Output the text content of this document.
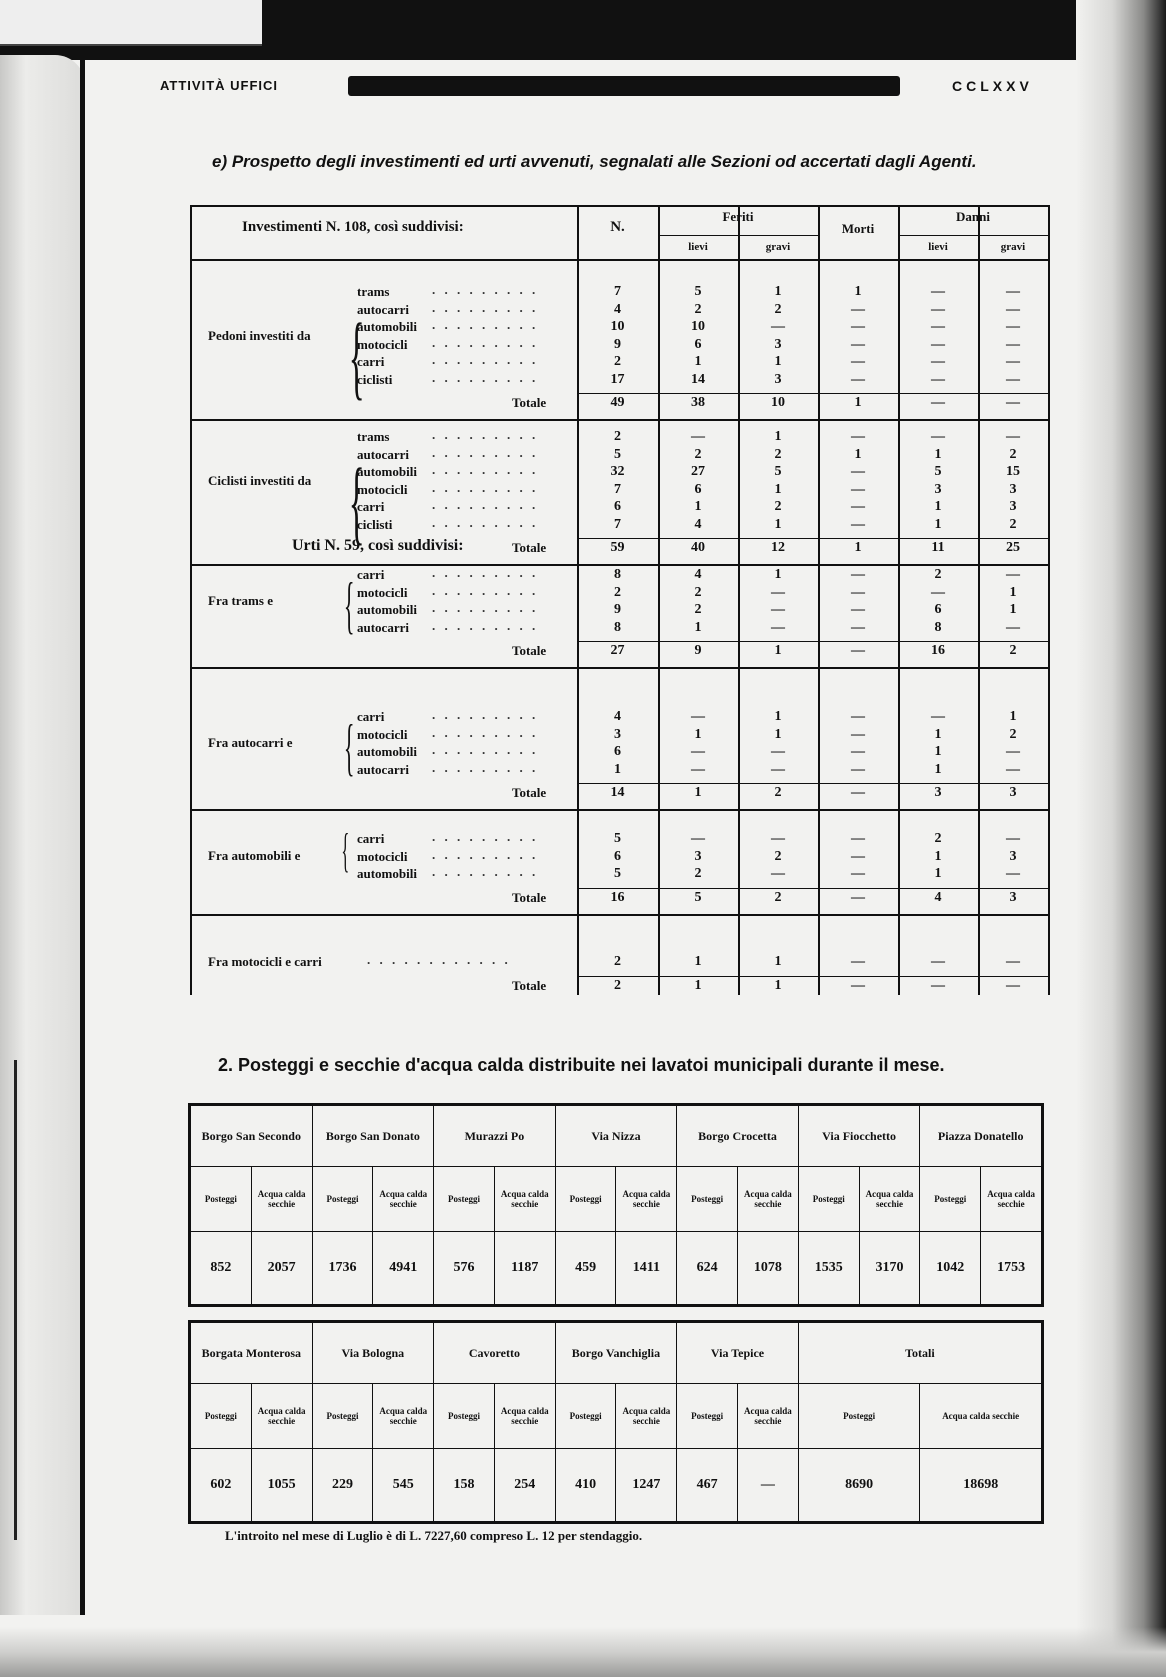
ATTIVITÀ UFFICI	CCLXXV
e) Prospetto degli investimenti ed urti avvenuti, segnalati alle Sezioni od accertati dagli Agenti.
Investimenti N. 108, così suddivisi:	N.
Feriti
Morti
Danni
lievi	gravi	lievi	gravi
Pedoni investiti da {
trams	. . . . . . . . .	7	5	1	1	—	—
autocarri . . . . . . . . .	4	2	2	—	—	—
automobili . . . . . . . . .	10	10	—	—	—	—
motocicli . . . . . . . . .	9	6	3	—	—	—
carri	. . . . . . . . .	2	1	1	—	—	—
ciclisti	. . . . . . . . .	17	14	3	—	—	—
Totale	49	38	10	1	—	—
Ciclisti investiti da {
trams	. . . . . . . . .	2	—	1	—	—	—
autocarri . . . . . . . . .	5	2	2	1	1	2
automobili . . . . . . . . .	32	27	5	—	5	15
motocicli . . . . . . . . .	7	6	1	—	3	3
carri	. . . . . . . . .	6	1	2	—	1	3
ciclisti	. . . . . . . . .	7	4	1	—	1	2
Totale	59	40	12	1	11	25
Urti N. 59, così suddivisi:
Fra trams e { carri	. . . . . . . . .	8	4	1	—	2	—
motocicli . . . . . . . . .	2	2	—	—	—	1
automobili . . . . . . . . .	9	2	—	—	6	1
autocarri . . . . . . . . .	8	1	—	—	8	—
Totale	27	9	1	—	16	2
Fra autocarri e { carri	. . . . . . . . .	4	—	1	—	—	1
motocicli . . . . . . . . .	3	1	1	—	1	2
automobili . . . . . . . . .	6	—	—	—	1	—
autocarri . . . . . . . . .	1	—	—	—	1	—
Totale	14	1	2	—	3	3
Fra automobili e { carri	. . . . . . . . .	5	—	—	—	2	—
motocicli . . . . . . . . .	6	3	2	—	1	3
automobili . . . . . . . . .	5	2	—	—	1	—
Totale	16	5	2	—	4	3
Fra motocicli e carri	. . . . . . . . . . . .	2	1	1	—	—	—
Totale	2	1	1	—	—	—
2. Posteggi e secchie d'acqua calda distribuite nei lavatoi municipali durante il mese.
Borgo San Secondo		Borgo San Donato		Murazzi Po		Via Nizza		Borgo Crocetta		Via Fiocchetto		Piazza Donatello	
Posteggi	Acqua calda secchie	Posteggi	Acqua calda secchie	Posteggi	Acqua calda secchie	Posteggi	Acqua calda secchie	Posteggi	Acqua calda secchie	Posteggi	Acqua calda secchie	Posteggi	Acqua calda secchie
852	2057	1736	4941	576	1187	459	1411	624	1078	1535	3170	1042	1753
Borgata Monterosa		Via Bologna		Cavoretto		Borgo Vanchiglia		Via Tepice		Totali	
Posteggi	Acqua calda secchie	Posteggi	Acqua calda secchie	Posteggi	Acqua calda secchie	Posteggi	Acqua calda secchie	Posteggi	Acqua calda secchie	Posteggi	Acqua calda secchie
602	1055	229	545	158	254	410	1247	467	—	8690	18698
L'introito nel mese di Luglio è di L. 7227,60 compreso L. 12 per stendaggio.
